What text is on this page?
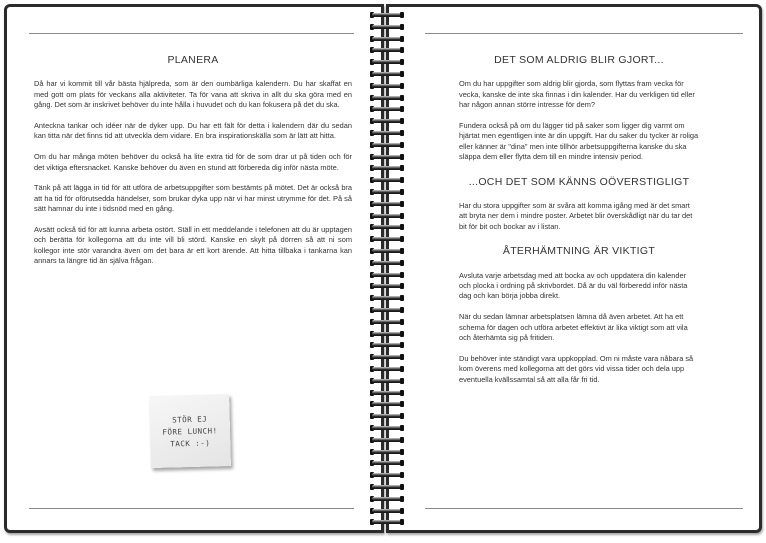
PLANERA

Då har vi kommit till vår bästa hjälpreda, som är den oumbärliga kalendern. Du har skaffat en med gott om plats för veckans alla aktiviteter. Ta för vana att skriva in allt du ska göra med en gång. Det som är inskrivet behöver du inte hålla i huvudet och du kan fokusera på det du ska.

Anteckna tankar och idéer när de dyker upp. Du har ett fält för detta i kalendern där du sedan kan titta när det finns tid att utveckla dem vidare. En bra inspirationskälla som är lätt att hitta.

Om du har många möten behöver du också ha lite extra tid för de som drar ut på tiden och för det viktiga eftersnacket. Kanske behöver du även en stund att förbereda dig inför nästa möte.

Tänk på att lägga in tid för att utföra de arbetsuppgifter som bestämts på mötet. Det är också bra att ha tid för oförutsedda händelser, som brukar dyka upp när vi har minst utrymme för det. På så sätt hamnar du inte i tidsnöd med en gång.

Avsätt också tid för att kunna arbeta ostört. Ställ in ett meddelande i telefonen att du är upptagen och berätta för kollegorna att du inte vill bli störd. Kanske en skylt på dörren så att ni som kollegor inte stör varandra även om det bara är ett kort ärende. Att hitta tillbaka i tankarna kan annars ta längre tid än själva frågan.

STÖR EJ
FÖRE LUNCH!
TACK :-)
DET SOM ALDRIG BLIR GJORT...

Om du har uppgifter som aldrig blir gjorda, som flyttas fram vecka för vecka, kanske de inte ska finnas i din kalender. Har du verkligen tid eller har någon annan större intresse för dem?

Fundera också på om du lägger tid på saker som ligger dig varmt om hjärtat men egentligen inte är din uppgift. Har du saker du tycker är roliga eller känner är "dina" men inte tillhör arbetsuppgifterna kanske du ska släppa dem eller flytta dem till en mindre intensiv period.

...OCH DET SOM KÄNNS OÖVERSTIGLIGT

Har du stora uppgifter som är svåra att komma igång med är det smart att bryta ner dem i mindre poster. Arbetet blir överskådligt när du tar det bit för bit och bockar av i listan.

ÅTERHÄMTNING ÄR VIKTIGT

Avsluta varje arbetsdag med att bocka av och uppdatera din kalender och plocka i ordning på skrivbordet. Då är du väl förberedd inför nästa dag och kan börja jobba direkt.

När du sedan lämnar arbetsplatsen lämna då även arbetet. Att ha ett schema för dagen och utföra arbetet effektivt är lika viktigt som att vila och återhämta sig på fritiden.

Du behöver inte ständigt vara uppkopplad. Om ni måste vara nåbara så kom överens med kollegorna att det görs vid vissa tider och dela upp eventuella kvällssamtal så att alla får fri tid.
